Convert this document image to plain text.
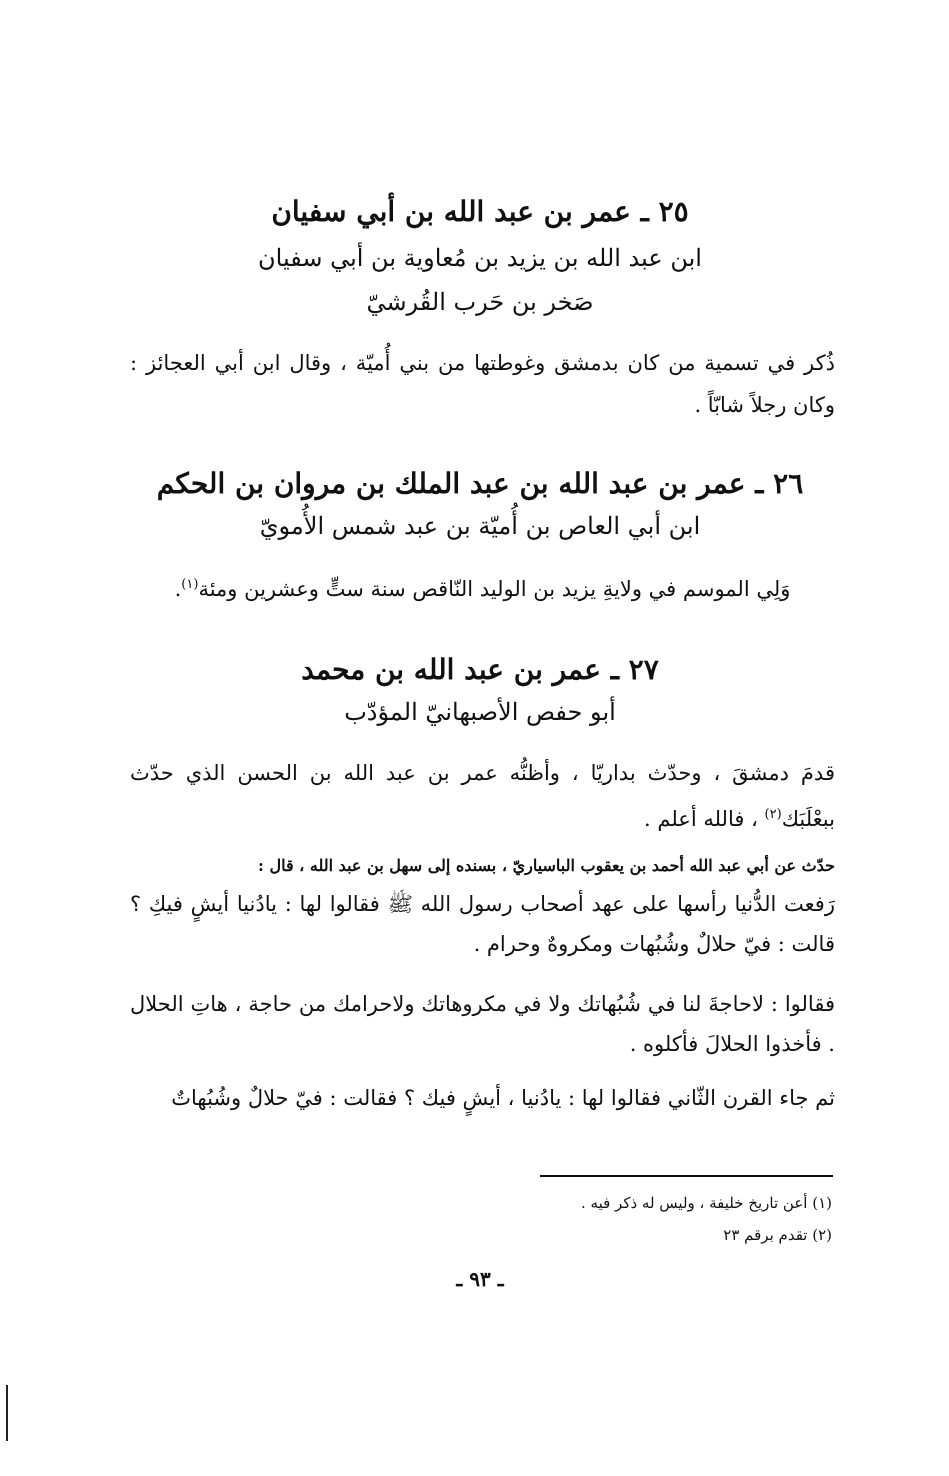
٢٥ ـ عمر بن عبد الله بن أبي سفيان
ابن عبد الله بن يزيد بن مُعاوية بن أبي سفيان
صَخر بن حَرب القُرشيّ
ذُكر في تسمية من كان بدمشق وغوطتها من بني أُميّة ، وقال ابن أبي العجائز : وكان رجلاً شابّاً .
٢٦ ـ عمر بن عبد الله بن عبد الملك بن مروان بن الحكم
ابن أبي العاص بن أُميّة بن عبد شمس الأُمويّ
وَلِي الموسم في ولايةِ يزيد بن الوليد النّاقص سنة ستٍّ وعشرين ومئة$^{(١)}$.
٢٧ ـ عمر بن عبد الله بن محمد
أبو حفص الأصبهانيّ المؤدّب
قدمَ دمشقَ ، وحدّث بداريّا ، وأظنُّه عمر بن عبد الله بن الحسن الذي حدّث ببعْلَبَك$^{(٢)}$ ، فالله أعلم .
حدّث عن أبي عبد الله أحمد بن يعقوب الباسياريّ ، بسنده إلى سهل بن عبد الله ، قال :
رَفعت الدُّنيا رأسها على عهد أصحاب رسول الله ﷺ فقالوا لها : يادُنيا أيشٍ فيكِ ؟ قالت : فيّ حلالٌ وشُبُهات ومكروهٌ وحرام .
فقالوا : لاحاجةَ لنا في شُبُهاتك ولا في مكروهاتك ولاحرامك من حاجة ، هاتِ الحلال . فأخذوا الحلالَ فأكلوه .
ثم جاء القرن الثّاني فقالوا لها : يادُنيا ، أيشٍ فيك ؟ فقالت : فيّ حلالٌ وشُبُهاتٌ
(١) أعن تاريخ خليفة ، وليس له ذكر فيه .
(٢) تقدم برقم ٢٣
ـ ٩٣ ـ
